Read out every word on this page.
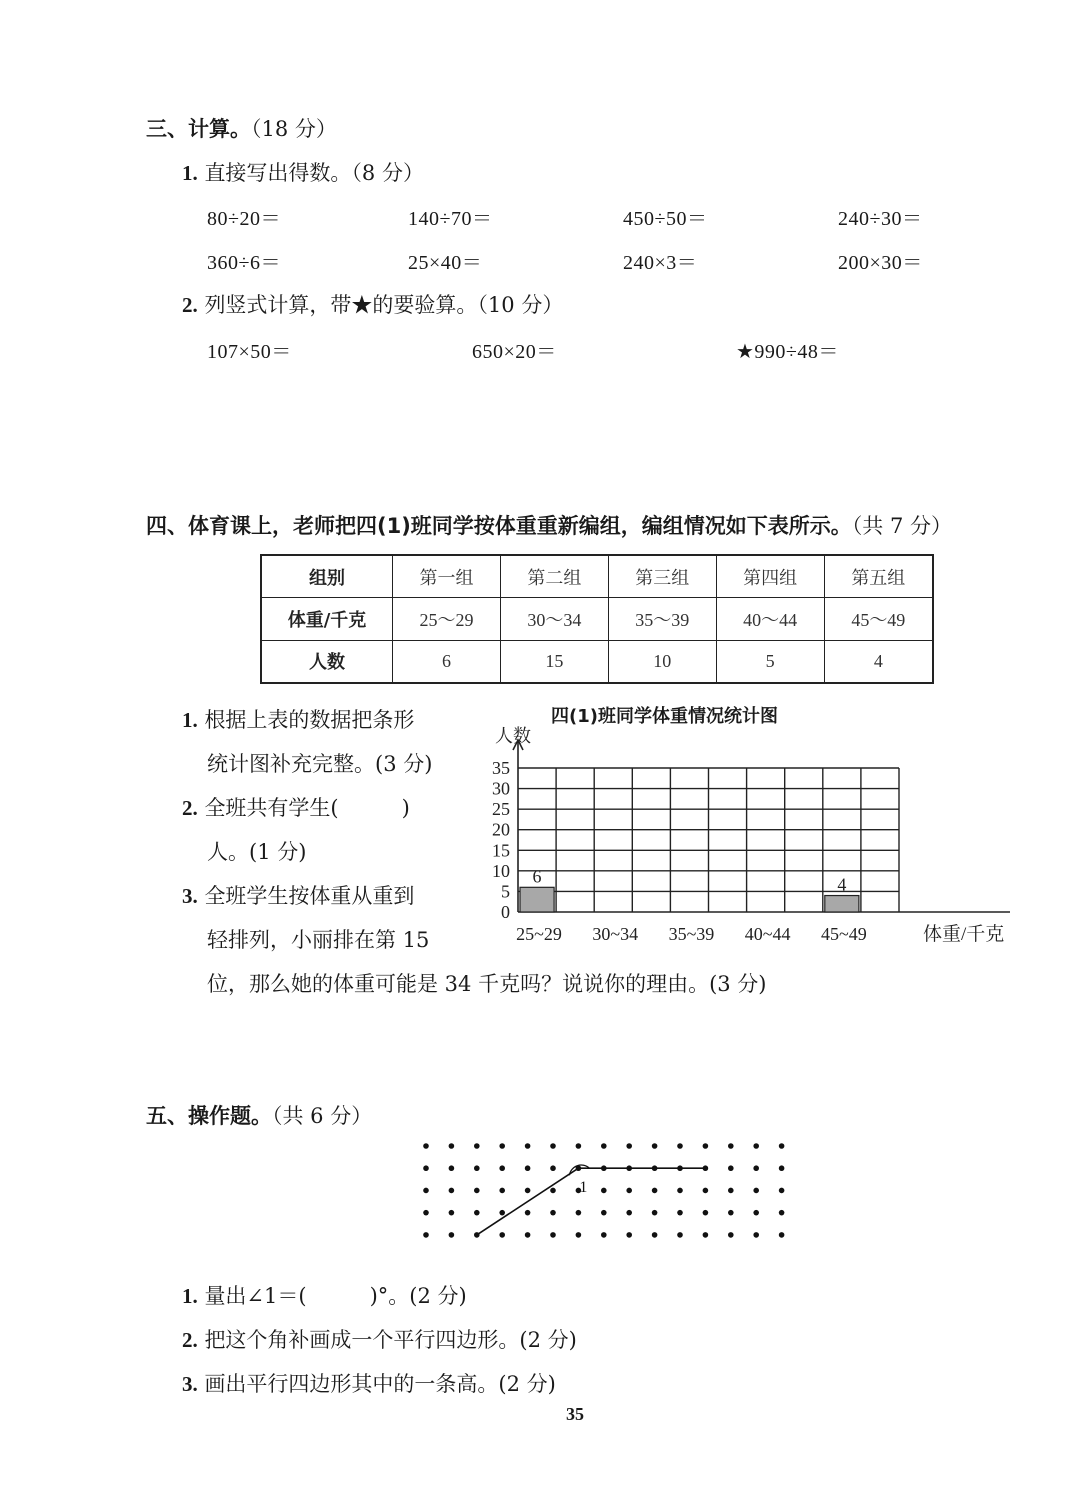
三、计算。（18 分）
1. 直接写出得数。（8 分）
80÷20＝	140÷70＝	450÷50＝	240÷30＝
360÷6＝	25×40＝	240×3＝	200×30＝
2. 列竖式计算，带★的要验算。（10 分）
107×50＝	650×20＝	★990÷48＝
四、体育课上，老师把四(1)班同学按体重重新编组，编组情况如下表所示。（共 7 分）
组别	第一组	第二组	第三组	第四组	第五组
体重/千克	25～29	30～34	35～39	40～44	45～49
人数	6	15	10	5	4
1. 根据上表的数据把条形
统计图补充完整。(3 分)
2. 全班共有学生(　　　)
人。(1 分)
3. 全班学生按体重从重到
轻排列，小丽排在第 15
位，那么她的体重可能是 34 千克吗？说说你的理由。(3 分)
四(1)班同学体重情况统计图
人数
0
5
10
15
20
25
30
35
25~29
6
30~34 35~39 40~44 45~49
4
体重/千克
五、操作题。（共 6 分）
1
1. 量出∠1＝(　　　)°。(2 分)
2. 把这个角补画成一个平行四边形。(2 分)
3. 画出平行四边形其中的一条高。(2 分)
35
